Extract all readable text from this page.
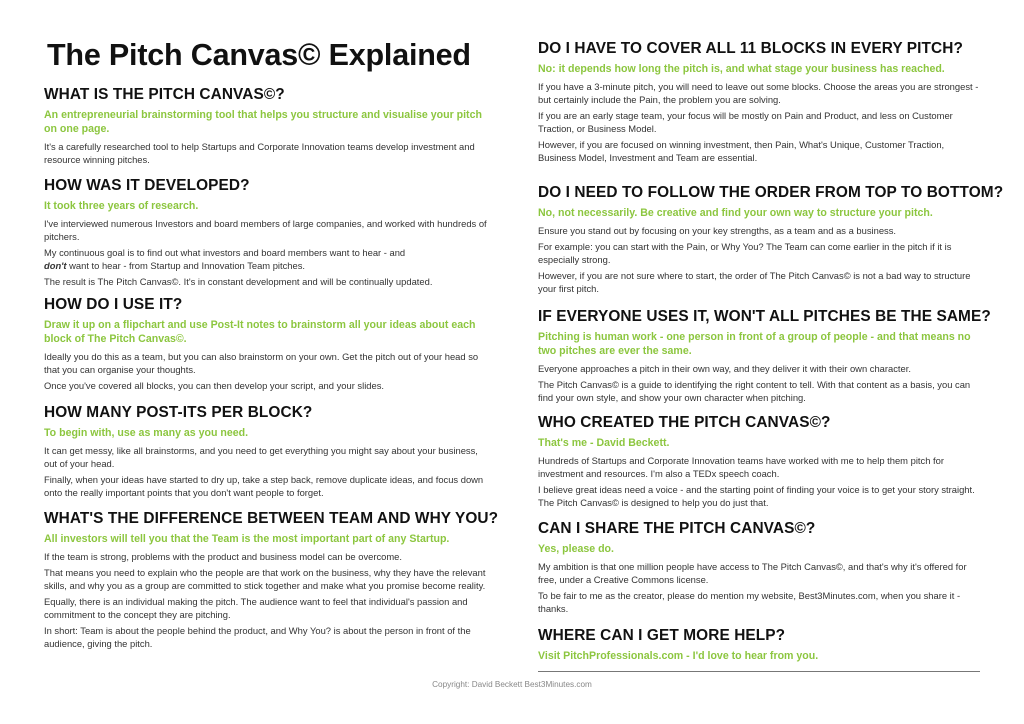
The Pitch Canvas© Explained
WHAT IS THE PITCH CANVAS©?
An entrepreneurial brainstorming tool that helps you structure and visualise your pitch on one page.

It's a carefully researched tool to help Startups and Corporate Innovation teams develop investment and resource winning pitches.

HOW WAS IT DEVELOPED?
It took three years of research.

I've interviewed numerous Investors and board members of large companies, and worked with hundreds of pitchers.

My continuous goal is to find out what investors and board members want to hear - and
don't want to hear - from Startup and Innovation Team pitches.

The result is The Pitch Canvas©. It's in constant development and will be continually updated.

HOW DO I USE IT?
Draw it up on a flipchart and use Post-It notes to brainstorm all your ideas about each block of The Pitch Canvas©.

Ideally you do this as a team, but you can also brainstorm on your own. Get the pitch out of your head so that you can organise your thoughts.

Once you've covered all blocks, you can then develop your script, and your slides.

HOW MANY POST-ITS PER BLOCK?
To begin with, use as many as you need.

It can get messy, like all brainstorms, and you need to get everything you might say about your business, out of your head.

Finally, when your ideas have started to dry up, take a step back, remove duplicate ideas, and focus down onto the really important points that you don't want people to forget.

WHAT'S THE DIFFERENCE BETWEEN TEAM AND WHY YOU?
All investors will tell you that the Team is the most important part of any Startup.

If the team is strong, problems with the product and business model can be overcome.

That means you need to explain who the people are that work on the business, why they have the relevant skills, and why you as a group are committed to stick together and make what you promise become reality.

Equally, there is an individual making the pitch. The audience want to feel that individual's passion and commitment to the concept they are pitching.

In short: Team is about the people behind the product, and Why You? is about the person in front of the audience, giving the pitch.

DO I HAVE TO COVER ALL 11 BLOCKS IN EVERY PITCH?
No: it depends how long the pitch is, and what stage your business has reached.

If you have a 3-minute pitch, you will need to leave out some blocks. Choose the areas you are strongest - but certainly include the Pain, the problem you are solving.

If you are an early stage team, your focus will be mostly on Pain and Product, and less on Customer Traction, or Business Model.

However, if you are focused on winning investment, then Pain, What's Unique, Customer Traction, Business Model, Investment and Team are essential.

DO I NEED TO FOLLOW THE ORDER FROM TOP TO BOTTOM?
No, not necessarily. Be creative and find your own way to structure your pitch.

Ensure you stand out by focusing on your key strengths, as a team and as a business.

For example: you can start with the Pain, or Why You? The Team can come earlier in the pitch if it is especially strong.

However, if you are not sure where to start, the order of The Pitch Canvas© is not a bad way to structure your first pitch.

IF EVERYONE USES IT, WON'T ALL PITCHES BE THE SAME?
Pitching is human work - one person in front of a group of people - and that means no two pitches are ever the same.

Everyone approaches a pitch in their own way, and they deliver it with their own character.

The Pitch Canvas© is a guide to identifying the right content to tell. With that content as a basis, you can find your own style, and show your own character when pitching.

WHO CREATED THE PITCH CANVAS©?
That's me - David Beckett.

Hundreds of Startups and Corporate Innovation teams have worked with me to help them pitch for investment and resources. I'm also a TEDx speech coach.

I believe great ideas need a voice - and the starting point of finding your voice is to get your story straight. The Pitch Canvas© is designed to help you do just that.

CAN I SHARE THE PITCH CANVAS©?
Yes, please do.

My ambition is that one million people have access to The Pitch Canvas©, and that's why it's offered for free, under a Creative Commons license.

To be fair to me as the creator, please do mention my website, Best3Minutes.com, when you share it - thanks.

WHERE CAN I GET MORE HELP?
Visit PitchProfessionals.com - I'd love to hear from you.
Copyright: David Beckett Best3Minutes.com
